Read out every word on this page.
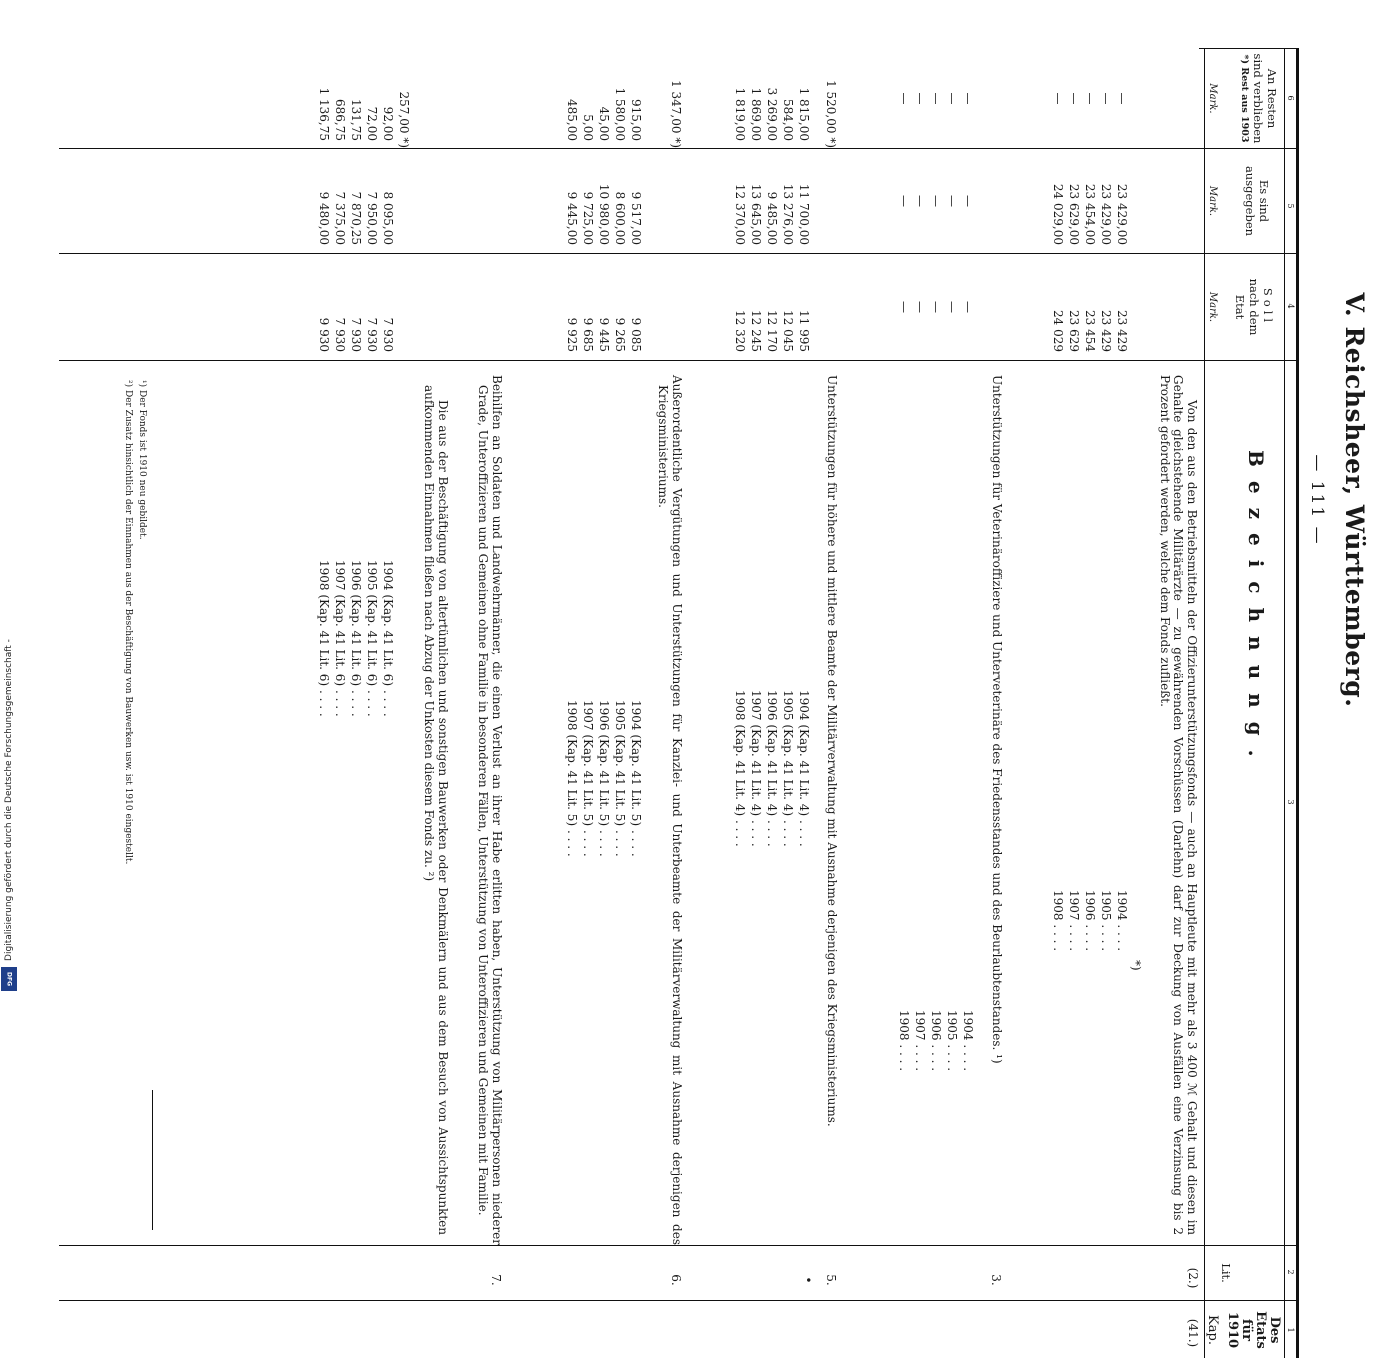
Digitalisierung gefördert durch die Deutsche Forschungsgemeinschaft -
DFG
V. Reichsheer, Württemberg.
— 111 —
1
2
3
4
5
6
Des Etats
für 1910
Kap.
Lit.
Bezeichnung.
Soll
nach dem
Etat
Es sind
ausgegeben
An Resten
sind verblieben
*) Rest aus 1903
Mark.
Mark.
Mark.
(41.)
(2.)
Von den aus den Betriebsmitteln der Offizierunterstützungsfonds — auch an Hauptleute mit mehr als 3 400 ℳ Gehalt und diesen im Gehalte gleichstehende Militärärzte — zu gewährenden Vorschüssen (Darlehn) darf zur Deckung von Ausfällen eine Verzinsung bis 2 Prozent gefordert werden, welche dem Fonds zufließt.
*)
1904 . . . .
23 429
23 429,00
—
1905 . . . .
23 429
23 429,00
—
1906 . . . .
23 454
23 454,00
—
1907 . . . .
23 629
23 629,00
—
1908 . . . .
24 029
24 029,00
—
3.
Unterstützungen für Veterinäroffiziere und Unterveterinäre des Friedensstandes und des Beurlaubtenstandes. ¹)
1904 . . . .
—
—
—
1905 . . . .
—
—
—
1906 . . . .
—
—
—
1907 . . . .
—
—
—
1908 . . . .
—
—
—
5.
•
Unterstützungen für höhere und mittlere Beamte der Militärverwaltung mit Ausnahme derjenigen des Kriegsministeriums.
1 520,00 *)
1904 (Kap. 41 Lit. 4) . . . .
11 995
11 700,00
1 815,00
1905 (Kap. 41 Lit. 4) . . . .
12 045
13 276,00
584,00
1906 (Kap. 41 Lit. 4) . . . .
12 170
9 485,00
3 269,00
1907 (Kap. 41 Lit. 4) . . . .
12 245
13 645,00
1 869,00
1908 (Kap. 41 Lit. 4) . . . .
12 320
12 370,00
1 819,00
6.
Außerordentliche Vergütungen und Unterstützungen für Kanzlei- und Unterbeamte der Militärverwaltung mit Ausnahme derjenigen des Kriegsministeriums.
1 347,00 *)
1904 (Kap. 41 Lit. 5) . . . .
9 085
9 517,00
915,00
1905 (Kap. 41 Lit. 5) . . . .
9 265
8 600,00
1 580,00
1906 (Kap. 41 Lit. 5) . . . .
9 445
10 980,00
45,00
1907 (Kap. 41 Lit. 5) . . . .
9 685
9 725,00
5,00
1908 (Kap. 41 Lit. 5) . . . .
9 925
9 445,00
485,00
7.
Beihilfen an Soldaten und Landwehrmänner, die einen Verlust an ihrer Habe erlitten haben, Unterstützung von Militärpersonen niederer Grade, Unteroffizieren und Gemeinen ohne Familie in besonderen Fällen, Unterstützung von Unteroffizieren und Gemeinen mit Familie.
Die aus der Beschäftigung von altertümlichen und sonstigen Bauwerken oder Denkmälern und aus dem Besuch von Aussichtspunkten aufkommenden Einnahmen fließen nach Abzug der Unkosten diesem Fonds zu. ²)
257,00 *)
1904 (Kap. 41 Lit. 6) . . . .
7 930
8 095,00
92,00
1905 (Kap. 41 Lit. 6) . . . .
7 930
7 950,00
72,00
1906 (Kap. 41 Lit. 6) . . . .
7 930
7 870,25
131,75
1907 (Kap. 41 Lit. 6) . . . .
7 930
7 375,00
686,75
1908 (Kap. 41 Lit. 6) . . . .
9 930
9 480,00
1 136,75
¹) Der Fonds ist 1910 neu gebildet.
²) Der Zusatz hinsichtlich der Einnahmen aus der Beschäftigung von Bauwerken usw. ist 1910 eingestellt.
